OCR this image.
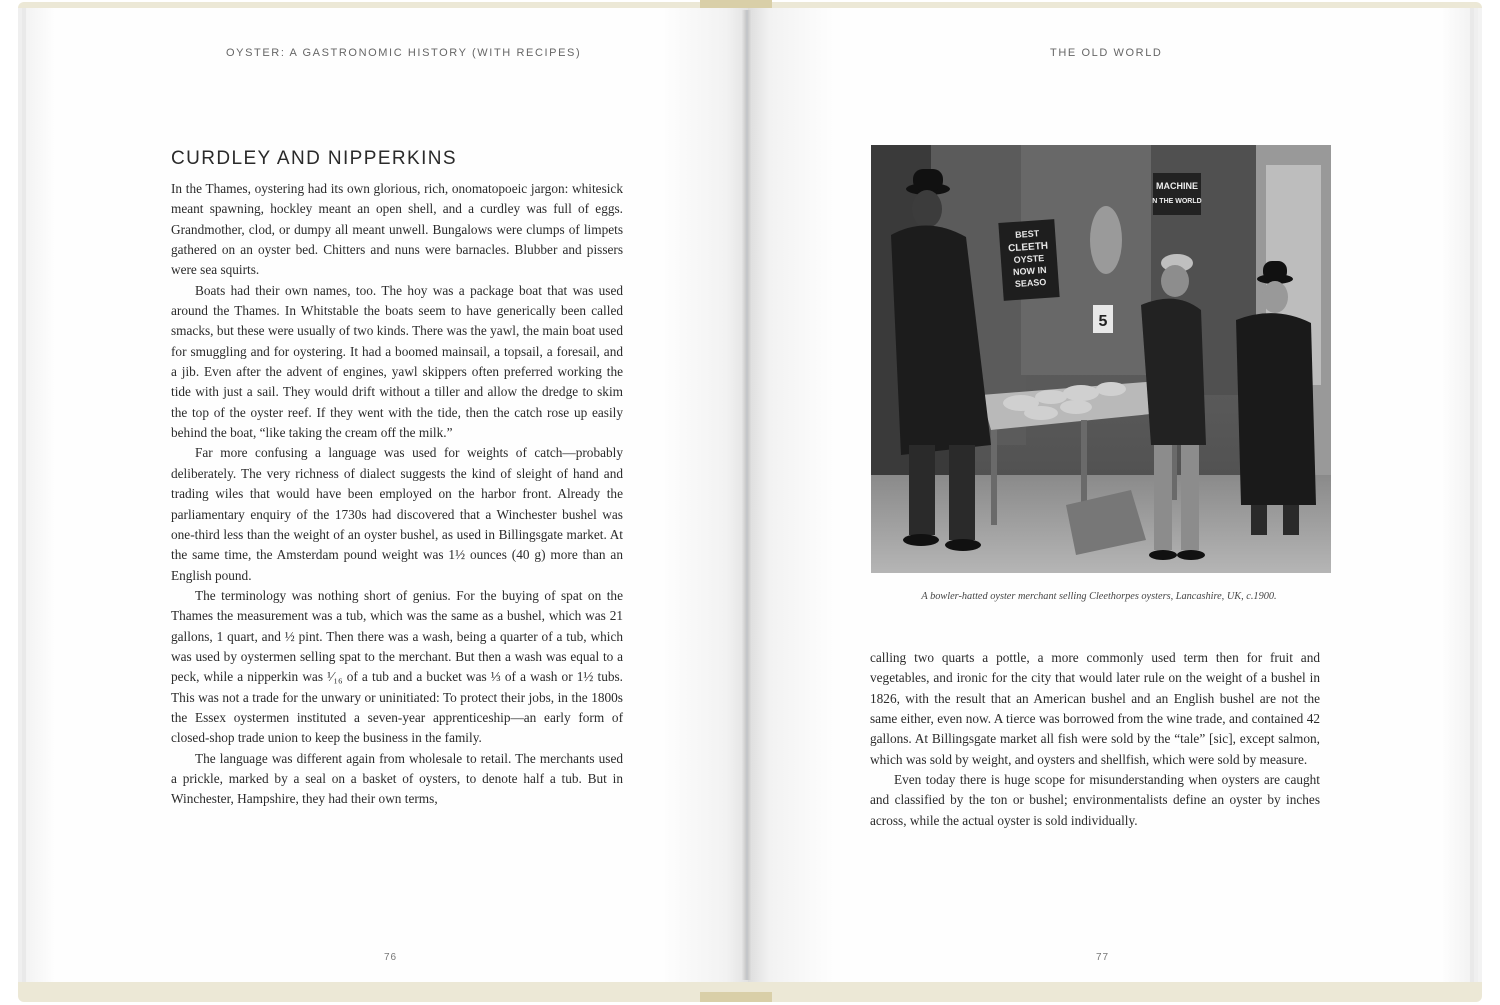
OYSTER: A GASTRONOMIC HISTORY (WITH RECIPES)
CURDLEY AND NIPPERKINS

In the Thames, oystering had its own glorious, rich, onomatopoeic jargon: whitesick meant spawning, hockley meant an open shell, and a curdley was full of eggs. Grandmother, clod, or dumpy all meant unwell. Bungalows were clumps of limpets gathered on an oyster bed. Chitters and nuns were barnacles. Blubber and pissers were sea squirts.

Boats had their own names, too. The hoy was a package boat that was used around the Thames. In Whitstable the boats seem to have generically been called smacks, but these were usually of two kinds. There was the yawl, the main boat used for smuggling and for oystering. It had a boomed mainsail, a topsail, a foresail, and a jib. Even after the advent of engines, yawl skippers often preferred working the tide with just a sail. They would drift without a tiller and allow the dredge to skim the top of the oyster reef. If they went with the tide, then the catch rose up easily behind the boat, “like taking the cream off the milk.”

Far more confusing a language was used for weights of catch—probably deliberately. The very richness of dialect suggests the kind of sleight of hand and trading wiles that would have been employed on the harbor front. Already the parliamentary enquiry of the 1730s had discovered that a Winchester bushel was one-third less than the weight of an oyster bushel, as used in Billingsgate market. At the same time, the Amsterdam pound weight was 1½ ounces (40 g) more than an English pound.

The terminology was nothing short of genius. For the buying of spat on the Thames the measurement was a tub, which was the same as a bushel, which was 21 gallons, 1 quart, and ½ pint. Then there was a wash, being a quarter of a tub, which was used by oystermen selling spat to the merchant. But then a wash was equal to a peck, while a nipperkin was ¹⁄₁₆ of a tub and a bucket was ⅓ of a wash or 1½ tubs. This was not a trade for the unwary or uninitiated: To protect their jobs, in the 1800s the Essex oystermen instituted a seven-year apprenticeship—an early form of closed-shop trade union to keep the business in the family.

The language was different again from wholesale to retail. The merchants used a prickle, marked by a seal on a basket of oysters, to denote half a tub. But in Winchester, Hampshire, they had their own terms,

76
THE OLD WORLD
MACHINE
N THE WORLD
BEST
CLEETH
OYSTE
NOW IN
SEASO
5
A bowler-hatted oyster merchant selling Cleethorpes oysters, Lancashire, UK, c.1900.

calling two quarts a pottle, a more commonly used term then for fruit and vegetables, and ironic for the city that would later rule on the weight of a bushel in 1826, with the result that an American bushel and an English bushel are not the same either, even now. A tierce was borrowed from the wine trade, and contained 42 gallons. At Billingsgate market all fish were sold by the “tale” [sic], except salmon, which was sold by weight, and oysters and shellfish, which were sold by measure.

Even today there is huge scope for misunderstanding when oysters are caught and classified by the ton or bushel; environmentalists define an oyster by inches across, while the actual oyster is sold individually.

77
